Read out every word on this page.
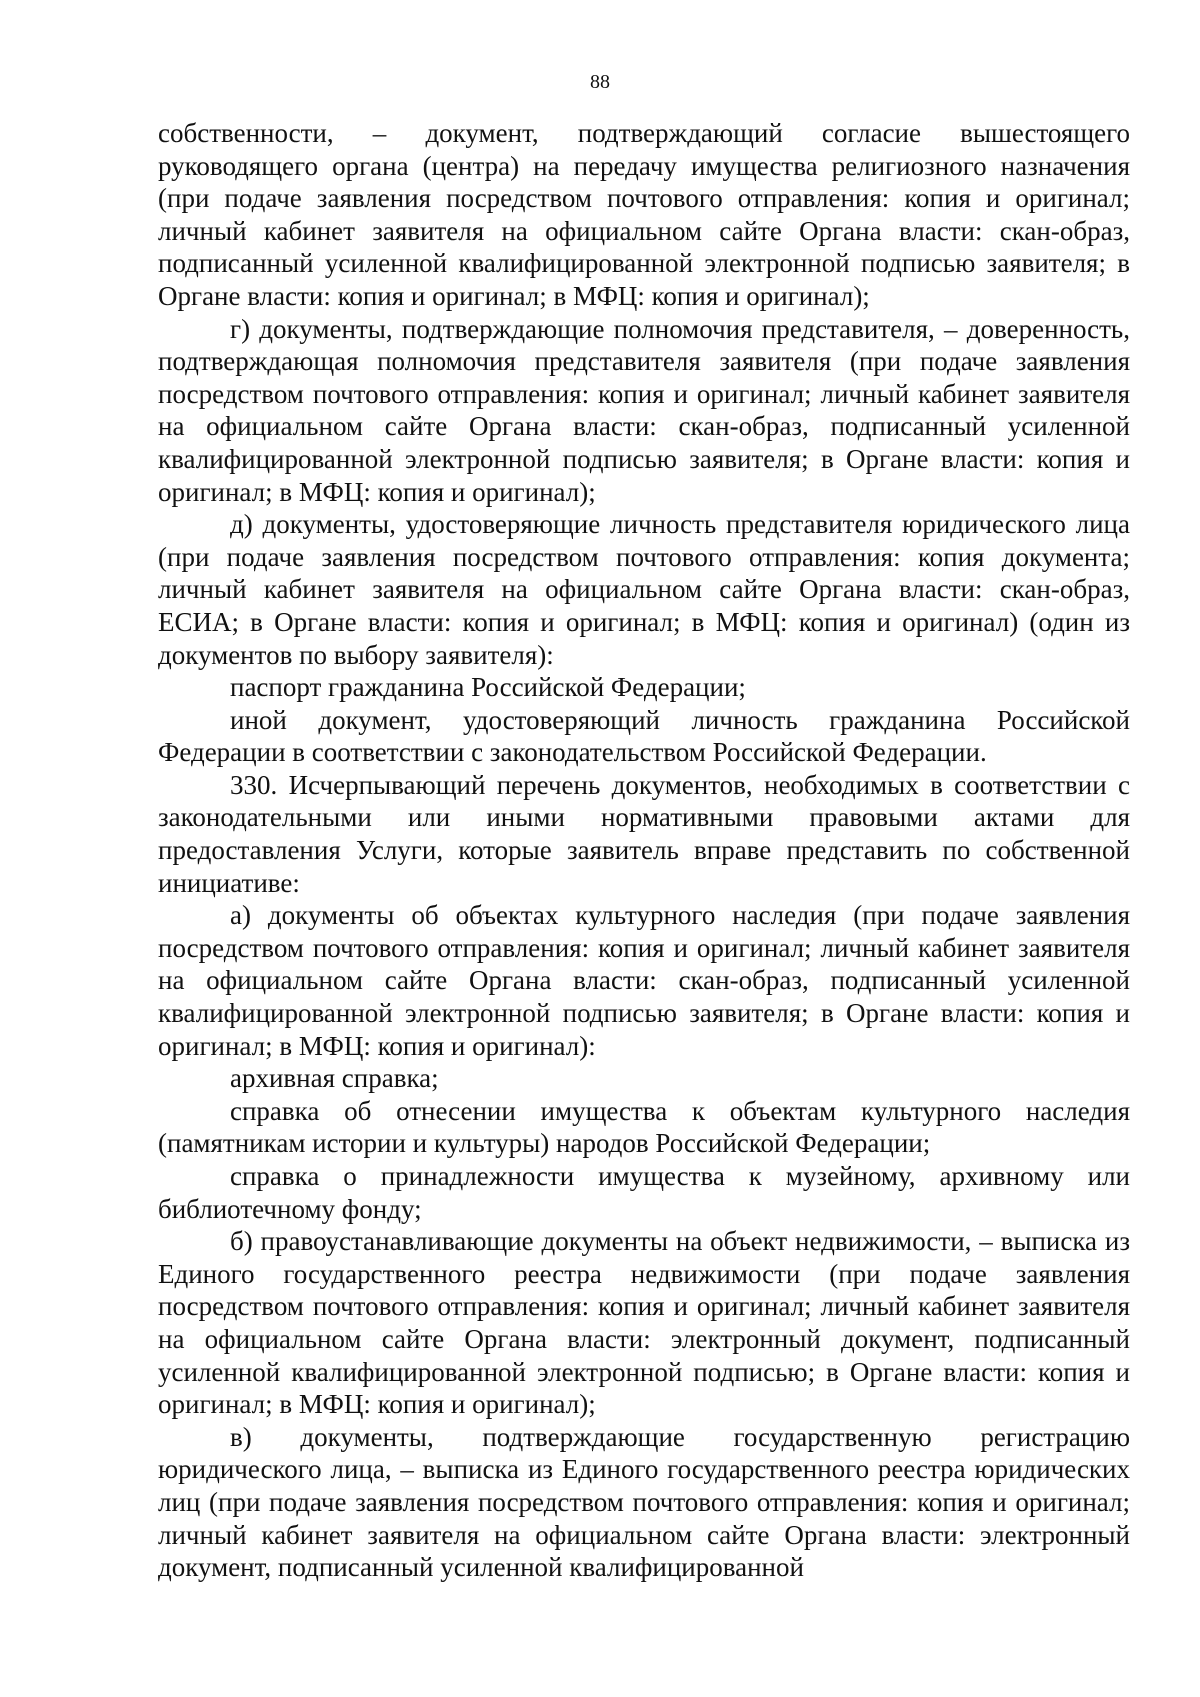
88

собственности, – документ, подтверждающий согласие вышестоящего руководящего органа (центра) на передачу имущества религиозного назначения (при подаче заявления посредством почтового отправления: копия и оригинал; личный кабинет заявителя на официальном сайте Органа власти: скан-образ, подписанный усиленной квалифицированной электронной подписью заявителя; в Органе власти: копия и оригинал; в МФЦ: копия и оригинал);

г) документы, подтверждающие полномочия представителя, – доверенность, подтверждающая полномочия представителя заявителя (при подаче заявления посредством почтового отправления: копия и оригинал; личный кабинет заявителя на официальном сайте Органа власти: скан-образ, подписанный усиленной квалифицированной электронной подписью заявителя; в Органе власти: копия и оригинал; в МФЦ: копия и оригинал);

д) документы, удостоверяющие личность представителя юридического лица (при подаче заявления посредством почтового отправления: копия документа; личный кабинет заявителя на официальном сайте Органа власти: скан-образ, ЕСИА; в Органе власти: копия и оригинал; в МФЦ: копия и оригинал) (один из документов по выбору заявителя):

паспорт гражданина Российской Федерации;

иной документ, удостоверяющий личность гражданина Российской Федерации в соответствии с законодательством Российской Федерации.

330. Исчерпывающий перечень документов, необходимых в соответствии с законодательными или иными нормативными правовыми актами для предоставления Услуги, которые заявитель вправе представить по собственной инициативе:

а) документы об объектах культурного наследия (при подаче заявления посредством почтового отправления: копия и оригинал; личный кабинет заявителя на официальном сайте Органа власти: скан-образ, подписанный усиленной квалифицированной электронной подписью заявителя; в Органе власти: копия и оригинал; в МФЦ: копия и оригинал):

архивная справка;

справка об отнесении имущества к объектам культурного наследия (памятникам истории и культуры) народов Российской Федерации;

справка о принадлежности имущества к музейному, архивному или библиотечному фонду;

б) правоустанавливающие документы на объект недвижимости, – выписка из Единого государственного реестра недвижимости (при подаче заявления посредством почтового отправления: копия и оригинал; личный кабинет заявителя на официальном сайте Органа власти: электронный документ, подписанный усиленной квалифицированной электронной подписью; в Органе власти: копия и оригинал; в МФЦ: копия и оригинал);

в) документы, подтверждающие государственную регистрацию юридического лица, – выписка из Единого государственного реестра юридических лиц (при подаче заявления посредством почтового отправления: копия и оригинал; личный кабинет заявителя на официальном сайте Органа власти: электронный документ, подписанный усиленной квалифицированной
